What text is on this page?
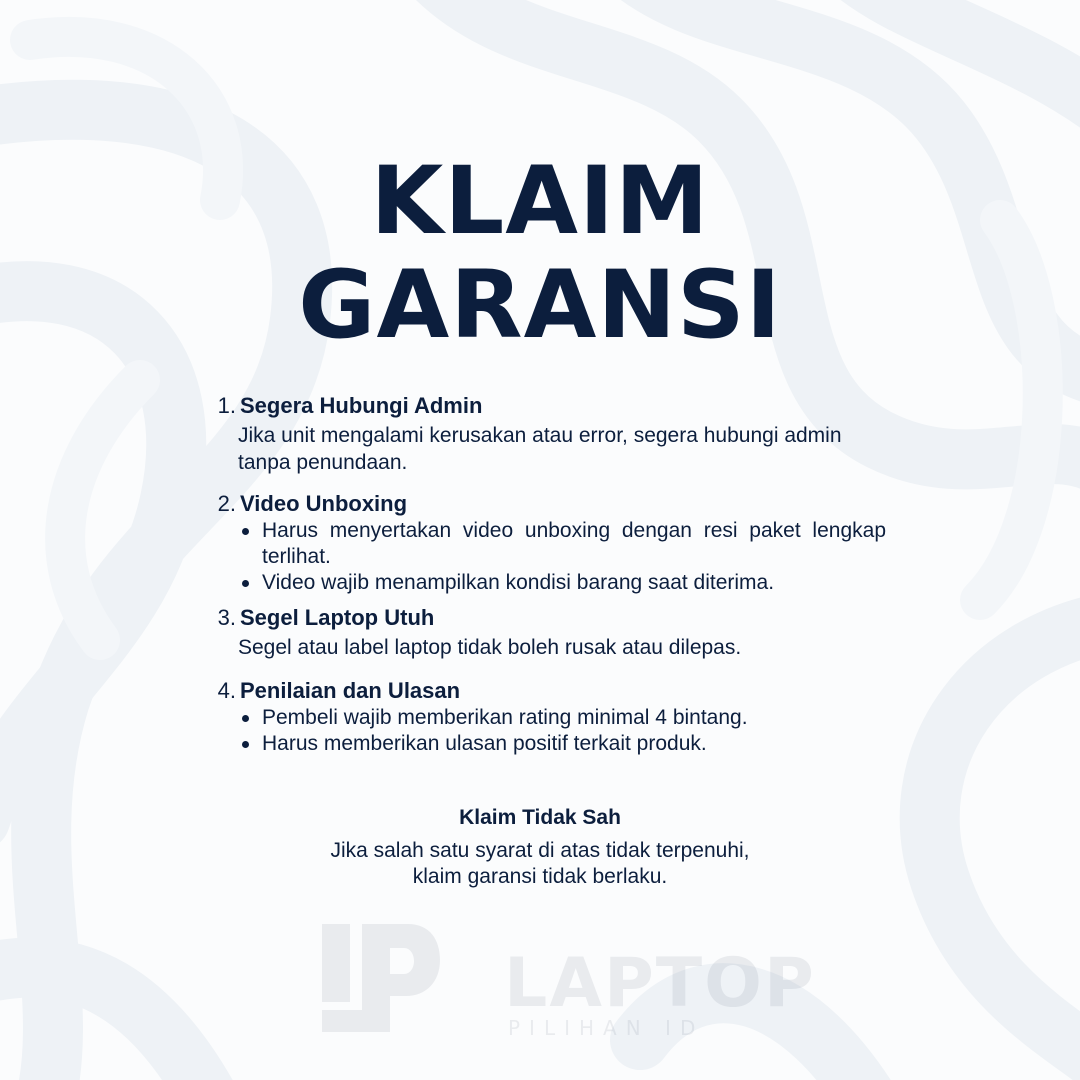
KLAIM
GARANSI
1. Segera Hubungi Admin
Jika unit mengalami kerusakan atau error, segera hubungi admin tanpa penundaan.
2. Video Unboxing
Harus menyertakan video unboxing dengan resi paket lengkap terlihat.
Video wajib menampilkan kondisi barang saat diterima.
3. Segel Laptop Utuh
Segel atau label laptop tidak boleh rusak atau dilepas.
4. Penilaian dan Ulasan
Pembeli wajib memberikan rating minimal 4 bintang.
Harus memberikan ulasan positif terkait produk.
Klaim Tidak Sah
Jika salah satu syarat di atas tidak terpenuhi,
klaim garansi tidak berlaku.
LAPTOP
PILIHAN ID
